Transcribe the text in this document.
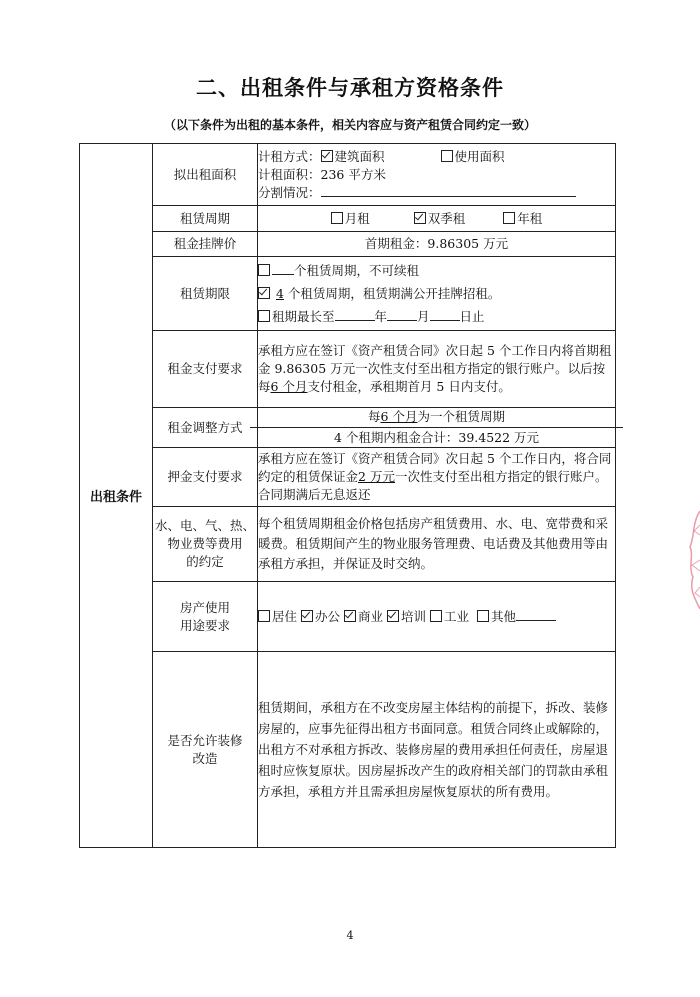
二、出租条件与承租方资格条件
（以下条件为出租的基本条件，相关内容应与资产租赁合同约定一致）
出租条件	拟出租面积	计租方式： 建筑面积 使用面积
计租面积：236 平方米
分割情况：

	租赁周期	月租 双季租 年租
	租金挂牌价	首期租金：9.86305 万元
	租赁期限	个租赁周期，不可续租
4 个租赁周期，租赁期满公开挂牌招租。
租期最长至 年 月 日止

	租金支付要求	承租方应在签订《资产租赁合同》次日起 5 个工作日内将首期租金 9.86305 万元一次性支付至出租方指定的银行账户。以后按每6 个月支付租金，承租期首月 5 日内支付。
	租金调整方式	每6 个月为一个租赁周期
4 个租期内租金合计：39.4522 万元

	押金支付要求	承租方应在签订《资产租赁合同》次日起 5 个工作日内，将合同约定的租赁保证金2 万元一次性支付至出租方指定的银行账户。合同期满后无息返还

	水、电、气、热、
物业费等费用
的约定	每个租赁周期租金价格包括房产租赁费用、水、电、宽带费和采暖费。租赁期间产生的物业服务管理费、电话费及其他费用等由承租方承担，并保证及时交纳。

	房产使用
用途要求	居住 办公 商业 培训 工业 其他

	是否允许装修
改造	租赁期间，承租方在不改变房屋主体结构的前提下，拆改、装修房屋的，应事先征得出租方书面同意。租赁合同终止或解除的，出租方不对承租方拆改、装修房屋的费用承担任何责任，房屋退租时应恢复原状。因房屋拆改产生的政府相关部门的罚款由承租方承担，承租方并且需承担房屋恢复原状的所有费用。
4
